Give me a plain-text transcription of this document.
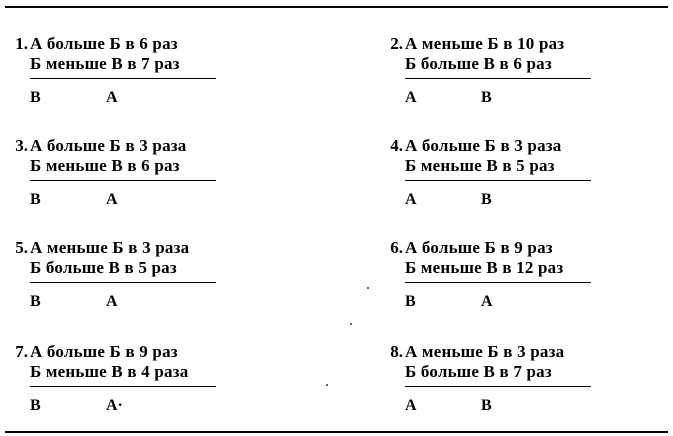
1. А больше Б в 6 раз
Б меньше В в 7 раз
В	А
2. А меньше Б в 10 раз
Б больше В в 6 раз
А	В
3. А больше Б в 3 раза
Б меньше В в 6 раз
В	А
4. А больше Б в 3 раза
Б меньше В в 5 раз
А	В
5. А меньше Б в 3 раза
Б больше В в 5 раз
В	А
6. А больше Б в 9 раз
Б меньше В в 12 раз
В	А
7. А больше Б в 9 раз
Б меньше В в 4 раза
В	А·
8. А меньше Б в 3 раза
Б больше В в 7 раз
А	В
